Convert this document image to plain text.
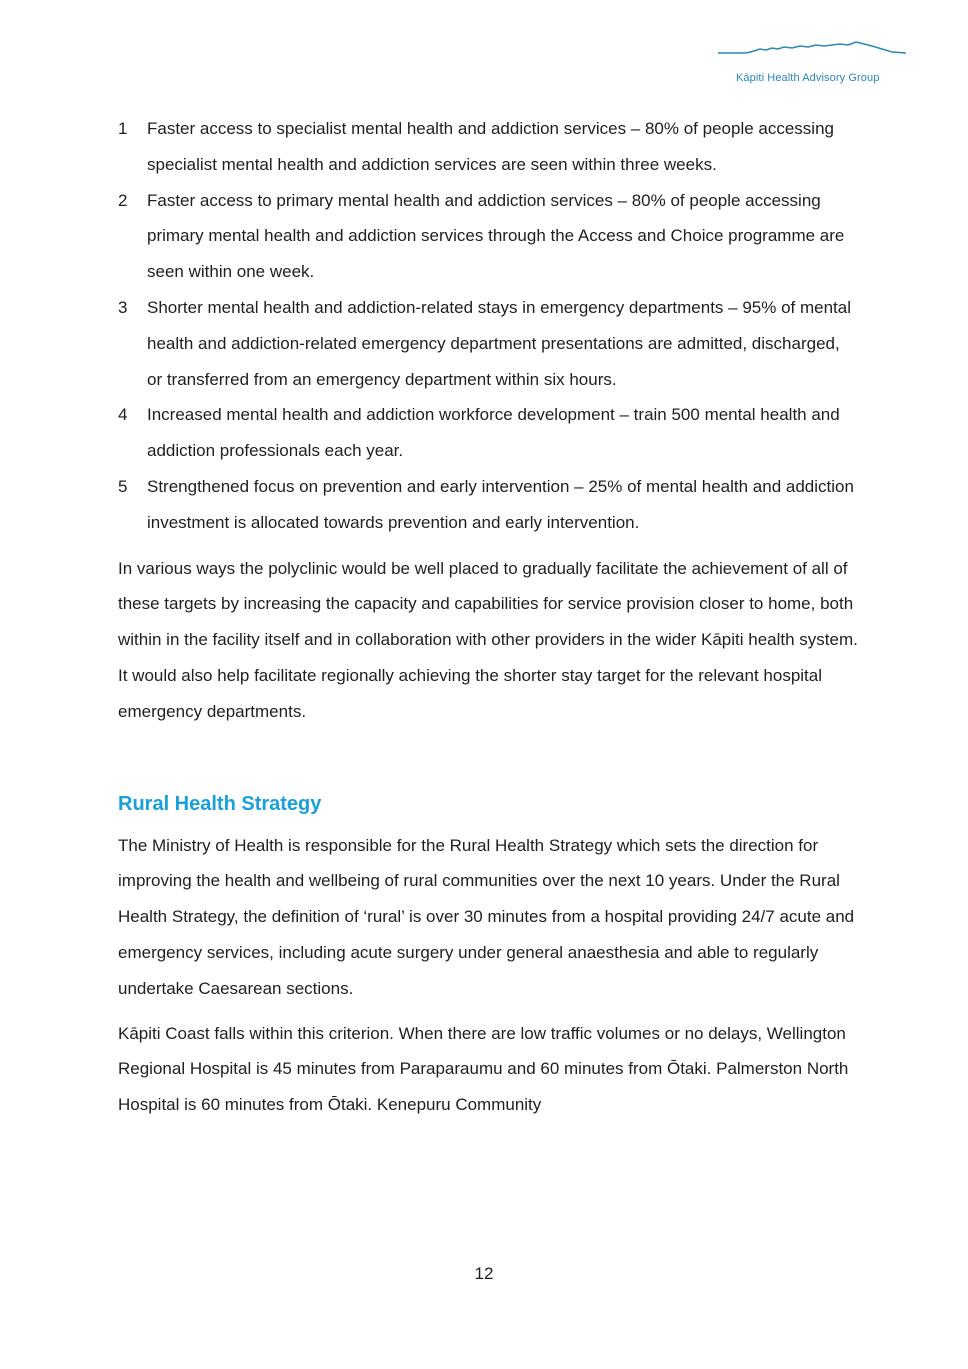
Kāpiti Health Advisory Group
1	Faster access to specialist mental health and addiction services – 80% of people accessing specialist mental health and addiction services are seen within three weeks.
2	Faster access to primary mental health and addiction services – 80% of people accessing primary mental health and addiction services through the Access and Choice programme are seen within one week.
3	Shorter mental health and addiction-related stays in emergency departments – 95% of mental health and addiction-related emergency department presentations are admitted, discharged, or transferred from an emergency department within six hours.
4	Increased mental health and addiction workforce development – train 500 mental health and addiction professionals each year.
5	Strengthened focus on prevention and early intervention – 25% of mental health and addiction investment is allocated towards prevention and early intervention.

In various ways the polyclinic would be well placed to gradually facilitate the achievement of all of these targets by increasing the capacity and capabilities for service provision closer to home, both within in the facility itself and in collaboration with other providers in the wider Kāpiti health system. It would also help facilitate regionally achieving the shorter stay target for the relevant hospital emergency departments.

Rural Health Strategy

The Ministry of Health is responsible for the Rural Health Strategy which sets the direction for improving the health and wellbeing of rural communities over the next 10 years. Under the Rural Health Strategy, the definition of ‘rural’ is over 30 minutes from a hospital providing 24/7 acute and emergency services, including acute surgery under general anaesthesia and able to regularly undertake Caesarean sections.

Kāpiti Coast falls within this criterion. When there are low traffic volumes or no delays, Wellington Regional Hospital is 45 minutes from Paraparaumu and 60 minutes from Ōtaki. Palmerston North Hospital is 60 minutes from Ōtaki. Kenepuru Community

12
